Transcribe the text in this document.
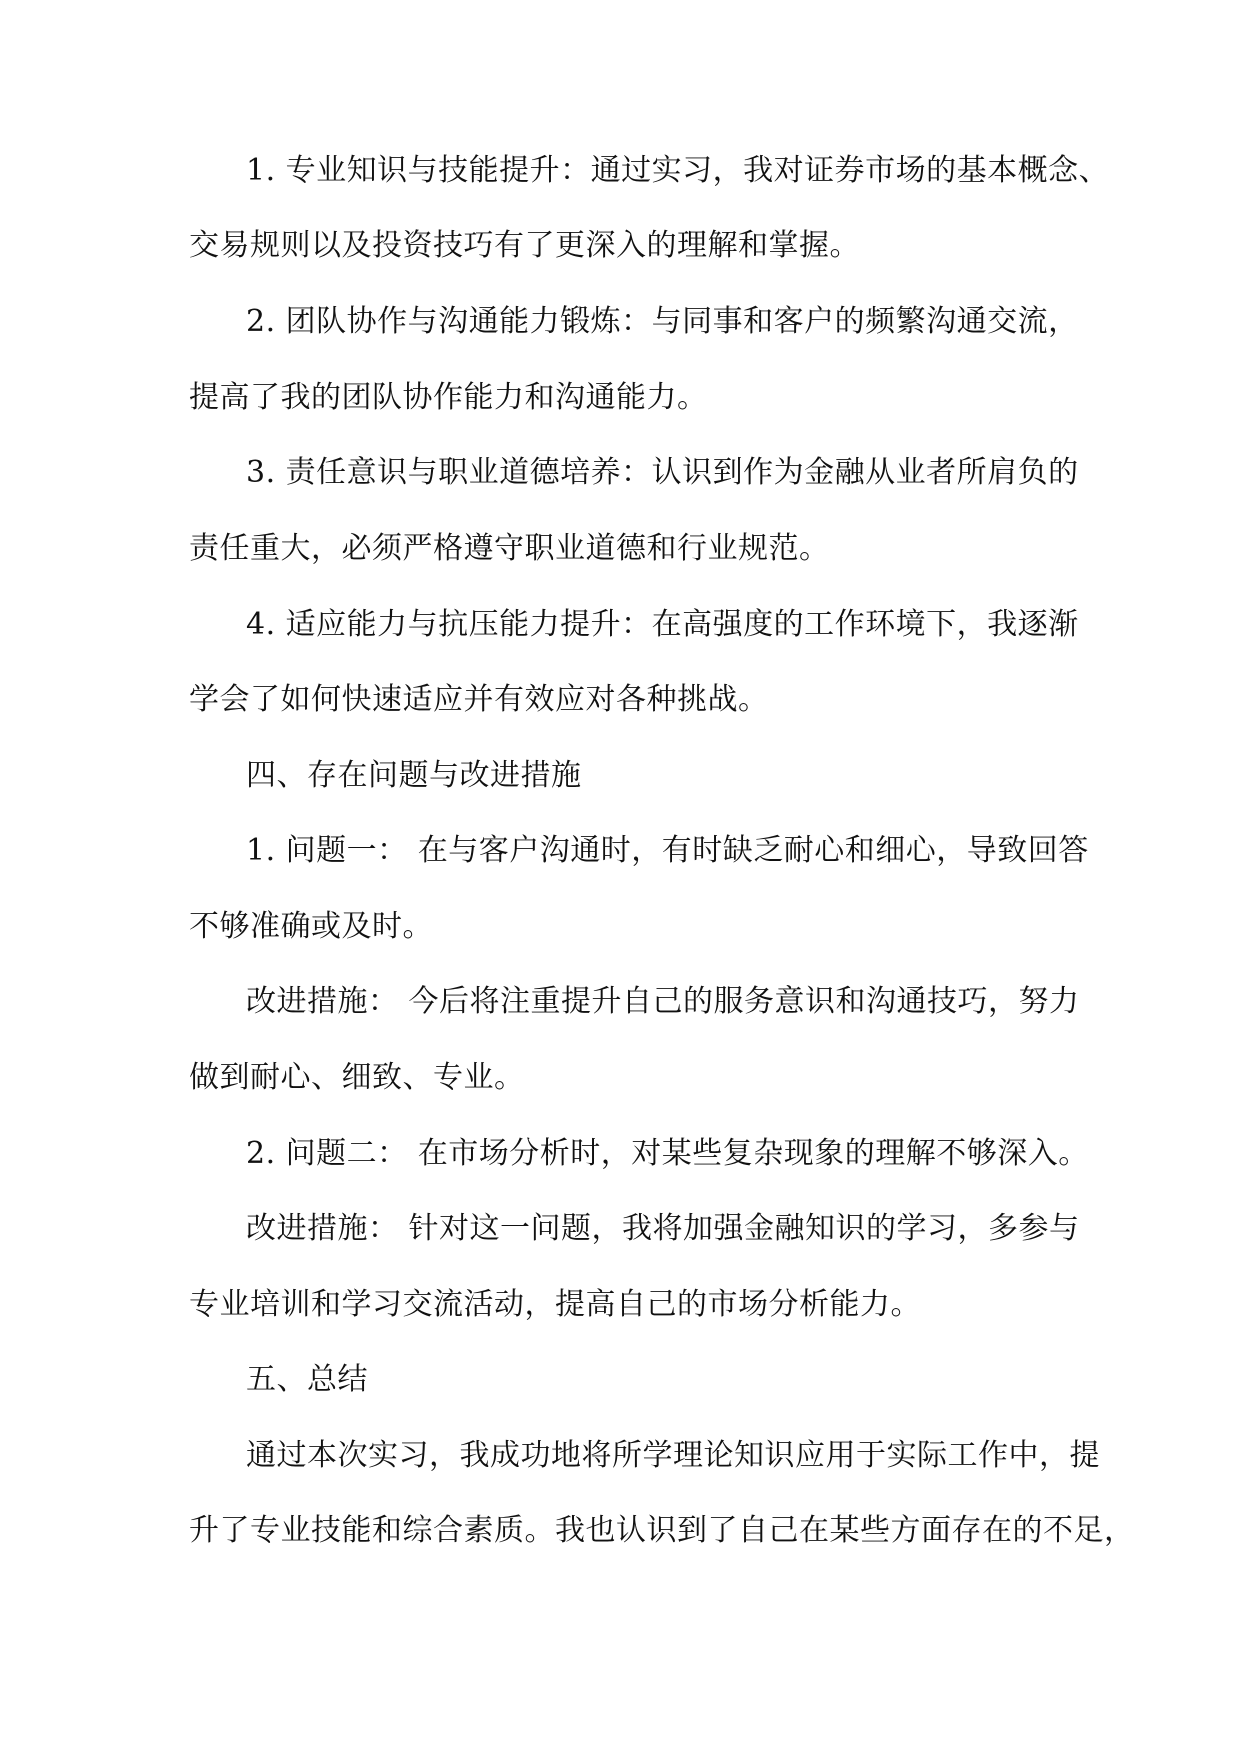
1. 专业知识与技能提升：通过实习，我对证券市场的基本概念、
交易规则以及投资技巧有了更深入的理解和掌握。
2. 团队协作与沟通能力锻炼：与同事和客户的频繁沟通交流，
提高了我的团队协作能力和沟通能力。
3. 责任意识与职业道德培养：认识到作为金融从业者所肩负的
责任重大，必须严格遵守职业道德和行业规范。
4. 适应能力与抗压能力提升：在高强度的工作环境下，我逐渐
学会了如何快速适应并有效应对各种挑战。
四、存在问题与改进措施
1. 问题一： 在与客户沟通时，有时缺乏耐心和细心，导致回答
不够准确或及时。
改进措施： 今后将注重提升自己的服务意识和沟通技巧，努力
做到耐心、细致、专业。
2. 问题二： 在市场分析时，对某些复杂现象的理解不够深入。
改进措施： 针对这一问题，我将加强金融知识的学习，多参与
专业培训和学习交流活动，提高自己的市场分析能力。
五、总结
通过本次实习，我成功地将所学理论知识应用于实际工作中，提
升了专业技能和综合素质。我也认识到了自己在某些方面存在的不足，
